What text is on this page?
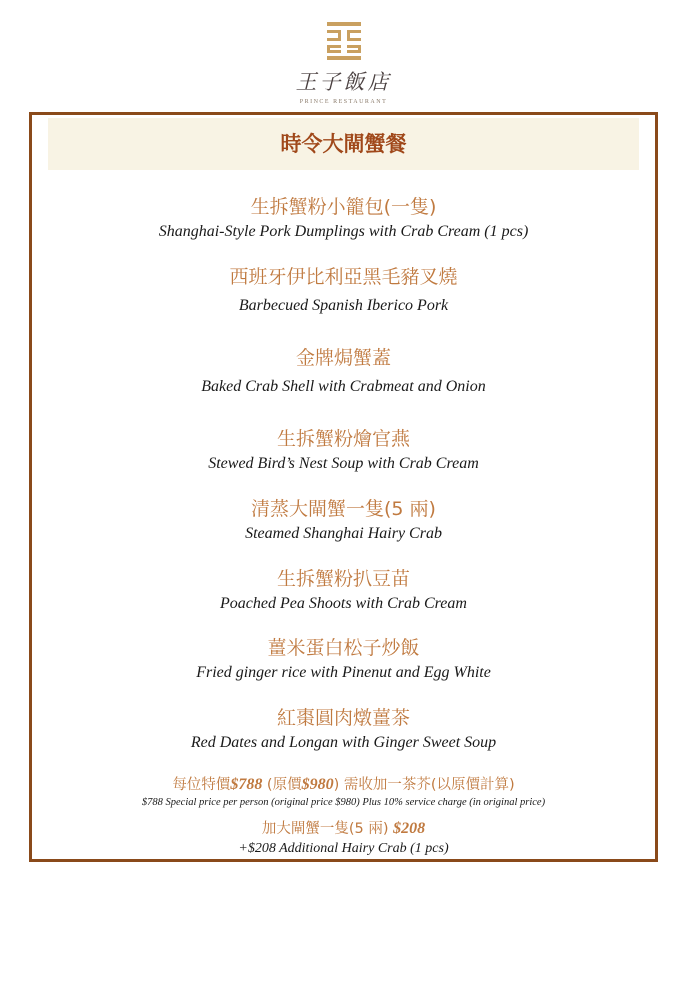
王子飯店
PRINCE RESTAURANT
時令大閘蟹餐
生拆蟹粉小籠包(一隻)
Shanghai-Style Pork Dumplings with Crab Cream (1 pcs)
西班牙伊比利亞黑毛豬叉燒
Barbecued Spanish Iberico Pork
金牌焗蟹蓋
Baked Crab Shell with Crabmeat and Onion
生拆蟹粉燴官燕
Stewed Bird’s Nest Soup with Crab Cream
清蒸大閘蟹一隻(5 兩)
Steamed Shanghai Hairy Crab
生拆蟹粉扒豆苗
Poached Pea Shoots with Crab Cream
薑米蛋白松子炒飯
Fried ginger rice with Pinenut and Egg White
紅棗圓肉燉薑茶
Red Dates and Longan with Ginger Sweet Soup
每位特價$788 (原價$980) 需收加一茶芥(以原價計算)
$788 Special price per person (original price $980) Plus 10% service charge (in original price)
加大閘蟹一隻(5 兩) $208
+$208 Additional Hairy Crab (1 pcs)
